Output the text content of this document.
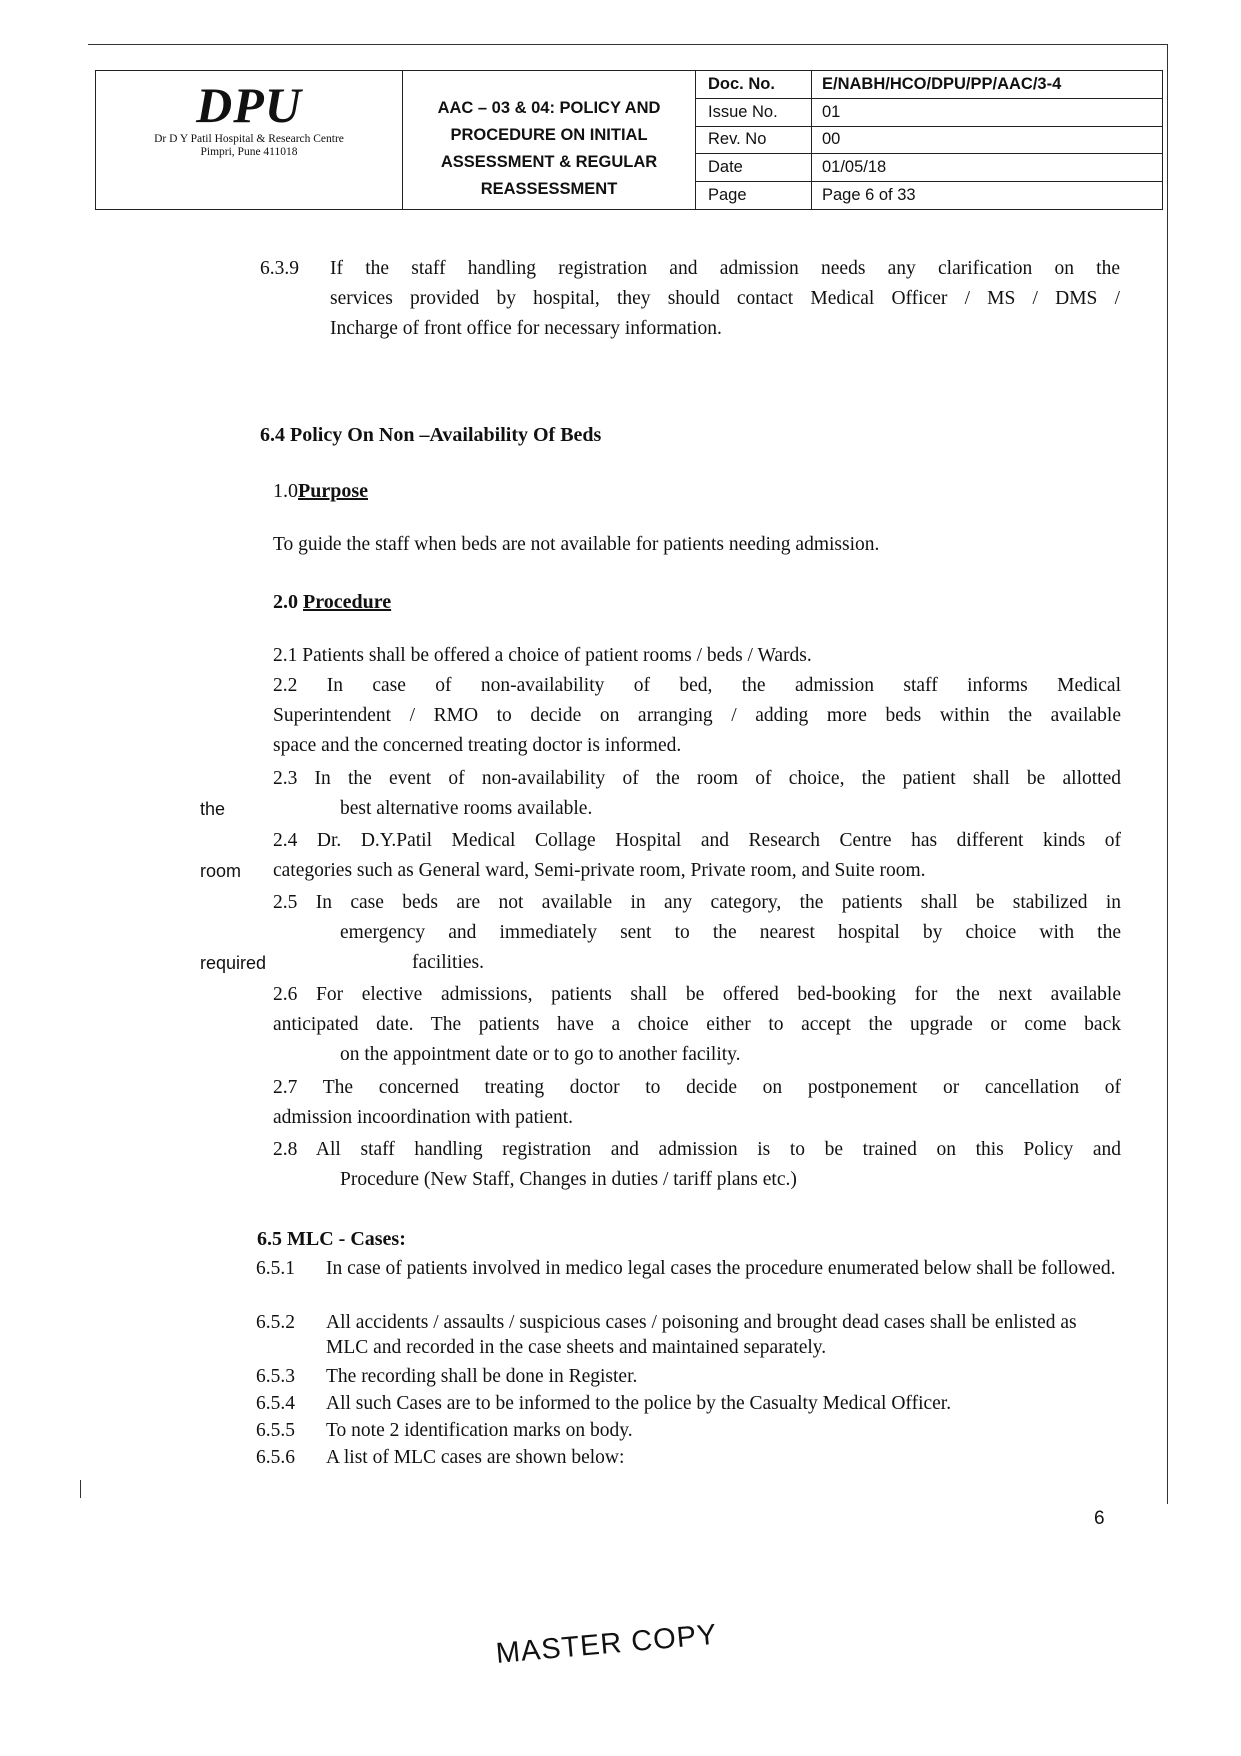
DPU
Dr D Y Patil Hospital & Research Centre
Pimpri, Pune 411018
AAC – 03 & 04: POLICY AND
PROCEDURE ON INITIAL
ASSESSMENT & REGULAR
REASSESSMENT
Doc. No.	E/NABH/HCO/DPU/PP/AAC/3-4
Issue No.	01
Rev. No	00
Date	01/05/18
Page	Page 6 of 33
6.3.9 If the staff handling registration and admission needs any clarification on the
services provided by hospital, they should contact Medical Officer / MS / DMS /
Incharge of front office for necessary information.
6.4 Policy On Non –Availability Of Beds
1.0Purpose
To guide the staff when beds are not available for patients needing admission.
2.0 Procedure
2.1 Patients shall be offered a choice of patient rooms / beds / Wards.
2.2 In case of non-availability of bed, the admission staff informs Medical
Superintendent / RMO to decide on arranging / adding more beds within the available
space and the concerned treating doctor is informed.
2.3 In the event of non-availability of the room of choice, the patient shall be allotted
the	best alternative rooms available.
2.4 Dr. D.Y.Patil Medical Collage Hospital and Research Centre has different kinds of
room categories such as General ward, Semi-private room, Private room, and Suite room.
2.5 In case beds are not available in any category, the patients shall be stabilized in
emergency and immediately sent to the nearest hospital by choice with the
required	facilities.
2.6 For elective admissions, patients shall be offered bed-booking for the next available
anticipated date. The patients have a choice either to accept the upgrade or come back
on the appointment date or to go to another facility.
2.7 The concerned treating doctor to decide on postponement or cancellation of
admission incoordination with patient.
2.8 All staff handling registration and admission is to be trained on this Policy and
Procedure (New Staff, Changes in duties / tariff plans etc.)
6.5 MLC - Cases:
6.5.1 In case of patients involved in medico legal cases the procedure enumerated below shall be followed.
6.5.2 All accidents / assaults / suspicious cases / poisoning and brought dead cases shall be enlisted as MLC and recorded in the case sheets and maintained separately.
6.5.3 The recording shall be done in Register.
6.5.4 All such Cases are to be informed to the police by the Casualty Medical Officer.
6.5.5 To note 2 identification marks on body.
6.5.6 A list of MLC cases are shown below:
6
MASTER COPY
